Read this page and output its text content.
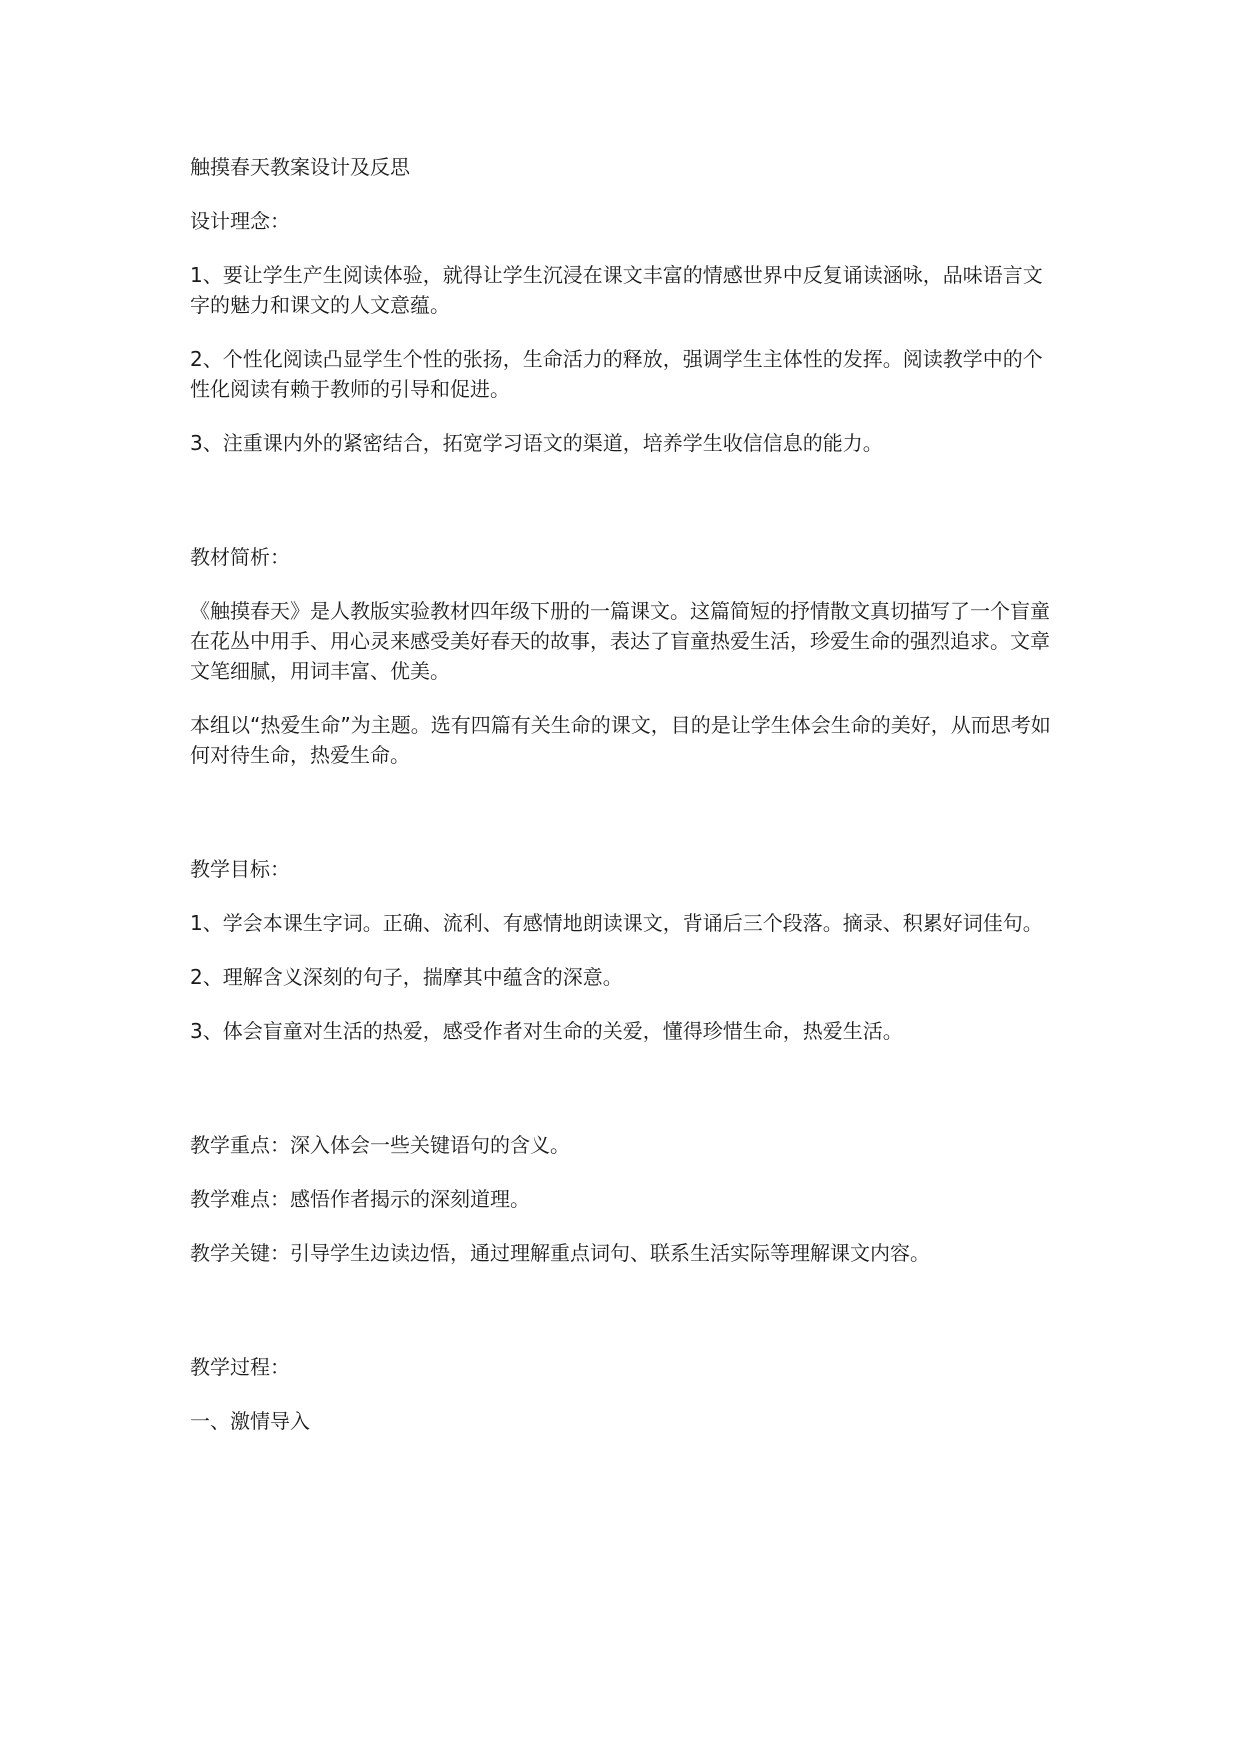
触摸春天教案设计及反思

设计理念：

1、要让学生产生阅读体验，就得让学生沉浸在课文丰富的情感世界中反复诵读涵咏，品味语言文字的魅力和课文的人文意蕴。

2、个性化阅读凸显学生个性的张扬，生命活力的释放，强调学生主体性的发挥。阅读教学中的个性化阅读有赖于教师的引导和促进。

3、注重课内外的紧密结合，拓宽学习语文的渠道，培养学生收信信息的能力。

教材简析：

《触摸春天》是人教版实验教材四年级下册的一篇课文。这篇简短的抒情散文真切描写了一个盲童在花丛中用手、用心灵来感受美好春天的故事，表达了盲童热爱生活，珍爱生命的强烈追求。文章文笔细腻，用词丰富、优美。

本组以“热爱生命”为主题。选有四篇有关生命的课文，目的是让学生体会生命的美好，从而思考如何对待生命，热爱生命。

教学目标：

1、学会本课生字词。正确、流利、有感情地朗读课文，背诵后三个段落。摘录、积累好词佳句。

2、理解含义深刻的句子，揣摩其中蕴含的深意。

3、体会盲童对生活的热爱，感受作者对生命的关爱，懂得珍惜生命，热爱生活。

教学重点：深入体会一些关键语句的含义。

教学难点：感悟作者揭示的深刻道理。

教学关键：引导学生边读边悟，通过理解重点词句、联系生活实际等理解课文内容。

教学过程：

一、激情导入
